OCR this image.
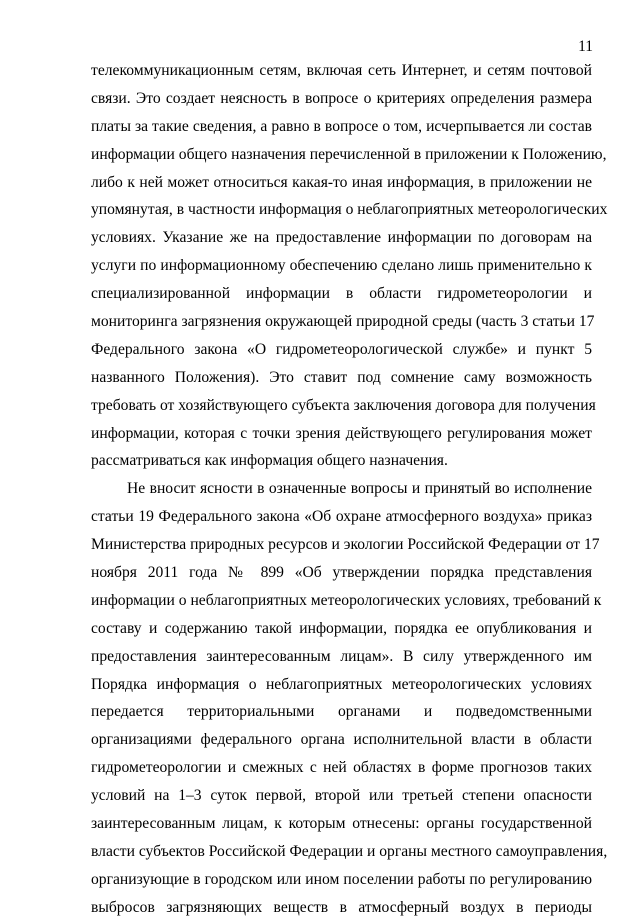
11
телекоммуникационным сетям, включая сеть Интернет, и сетям почтовой
связи. Это создает неясность в вопросе о критериях определения размера
платы за такие сведения, а равно в вопросе о том, исчерпывается ли состав
информации общего назначения перечисленной в приложении к Положению,
либо к ней может относиться какая-то иная информация, в приложении не
упомянутая, в частности информация о неблагоприятных метеорологических
условиях. Указание же на предоставление информации по договорам на
услуги по информационному обеспечению сделано лишь применительно к
специализированной информации в области гидрометеорологии и
мониторинга загрязнения окружающей природной среды (часть 3 статьи 17
Федерального закона «О гидрометеорологической службе» и пункт 5
названного Положения). Это ставит под сомнение саму возможность
требовать от хозяйствующего субъекта заключения договора для получения
информации, которая с точки зрения действующего регулирования может
рассматриваться как информация общего назначения.
Не вносит ясности в означенные вопросы и принятый во исполнение
статьи 19 Федерального закона «Об охране атмосферного воздуха» приказ
Министерства природных ресурсов и экологии Российской Федерации от 17
ноября 2011 года № 899 «Об утверждении порядка представления
информации о неблагоприятных метеорологических условиях, требований к
составу и содержанию такой информации, порядка ее опубликования и
предоставления заинтересованным лицам». В силу утвержденного им
Порядка информация о неблагоприятных метеорологических условиях
передается территориальными органами и подведомственными
организациями федерального органа исполнительной власти в области
гидрометеорологии и смежных с ней областях в форме прогнозов таких
условий на 1–3 суток первой, второй или третьей степени опасности
заинтересованным лицам, к которым отнесены: органы государственной
власти субъектов Российской Федерации и органы местного самоуправления,
организующие в городском или ином поселении работы по регулированию
выбросов загрязняющих веществ в атмосферный воздух в периоды
